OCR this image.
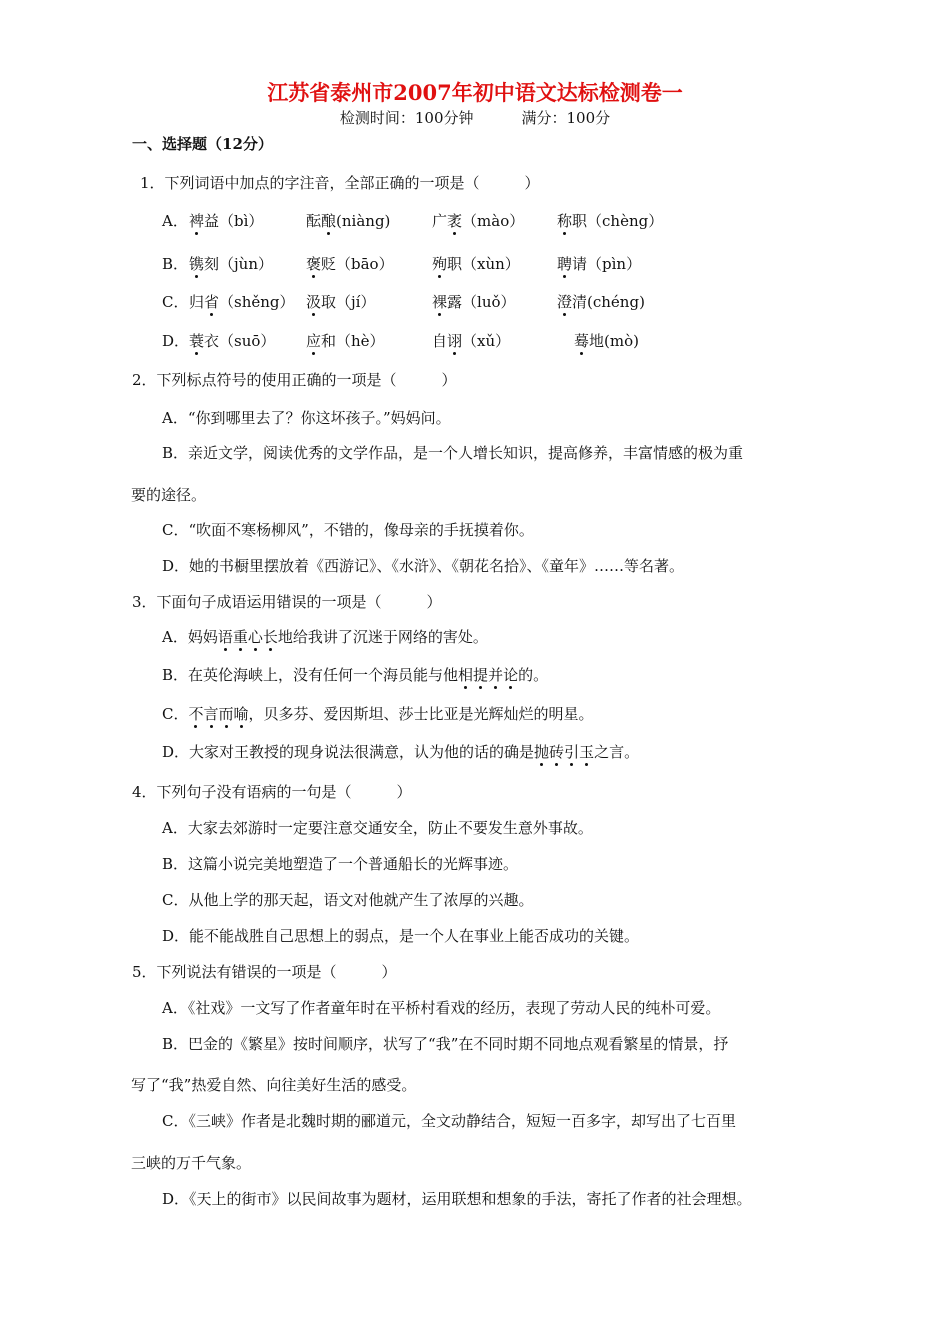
江苏省泰州市2007年初中语文达标检测卷一
检测时间：100分钟	满分：100分
一、选择题（12分）
1．下列词语中加点的字注音，全部正确的一项是（　　　）
A． 裨益（bì）	酝酿(niàng)	广袤（mào） 称职（chèng）
B． 镌刻（jùn） 褒贬（bāo）	殉职（xùn） 聘请（pìn）
C． 归省（shěng） 汲取（jí）	裸露（luǒ）	澄清(chéng)
D． 蓑衣（suō） 应和（hè）	自诩（xǔ）	蓦地(mò)
2．下列标点符号的使用正确的一项是（　　　）
A．“你到哪里去了？你这坏孩子。”妈妈问。
B．亲近文学，阅读优秀的文学作品，是一个人增长知识，提高修养，丰富情感的极为重
要的途径。
C．“吹面不寒杨柳风”，不错的，像母亲的手抚摸着你。
D．她的书橱里摆放着《西游记》、《水浒》、《朝花名拾》、《童年》……等名著。
3．下面句子成语运用错误的一项是（　　　）
A．妈妈语重心长地给我讲了沉迷于网络的害处。
B．在英伦海峡上，没有任何一个海员能与他相提并论的。
C．不言而喻，贝多芬、爱因斯坦、莎士比亚是光辉灿烂的明星。
D．大家对王教授的现身说法很满意，认为他的话的确是抛砖引玉之言。
4．下列句子没有语病的一句是（　　　）
A．大家去郊游时一定要注意交通安全，防止不要发生意外事故。
B．这篇小说完美地塑造了一个普通船长的光辉事迹。
C．从他上学的那天起，语文对他就产生了浓厚的兴趣。
D．能不能战胜自己思想上的弱点，是一个人在事业上能否成功的关键。
5．下列说法有错误的一项是（　　　）
A．《社戏》一文写了作者童年时在平桥村看戏的经历，表现了劳动人民的纯朴可爱。
B．巴金的《繁星》按时间顺序，状写了“我”在不同时期不同地点观看繁星的情景，抒
写了“我”热爱自然、向往美好生活的感受。
C．《三峡》作者是北魏时期的郦道元，全文动静结合，短短一百多字，却写出了七百里
三峡的万千气象。
D．《天上的街市》以民间故事为题材，运用联想和想象的手法，寄托了作者的社会理想。
